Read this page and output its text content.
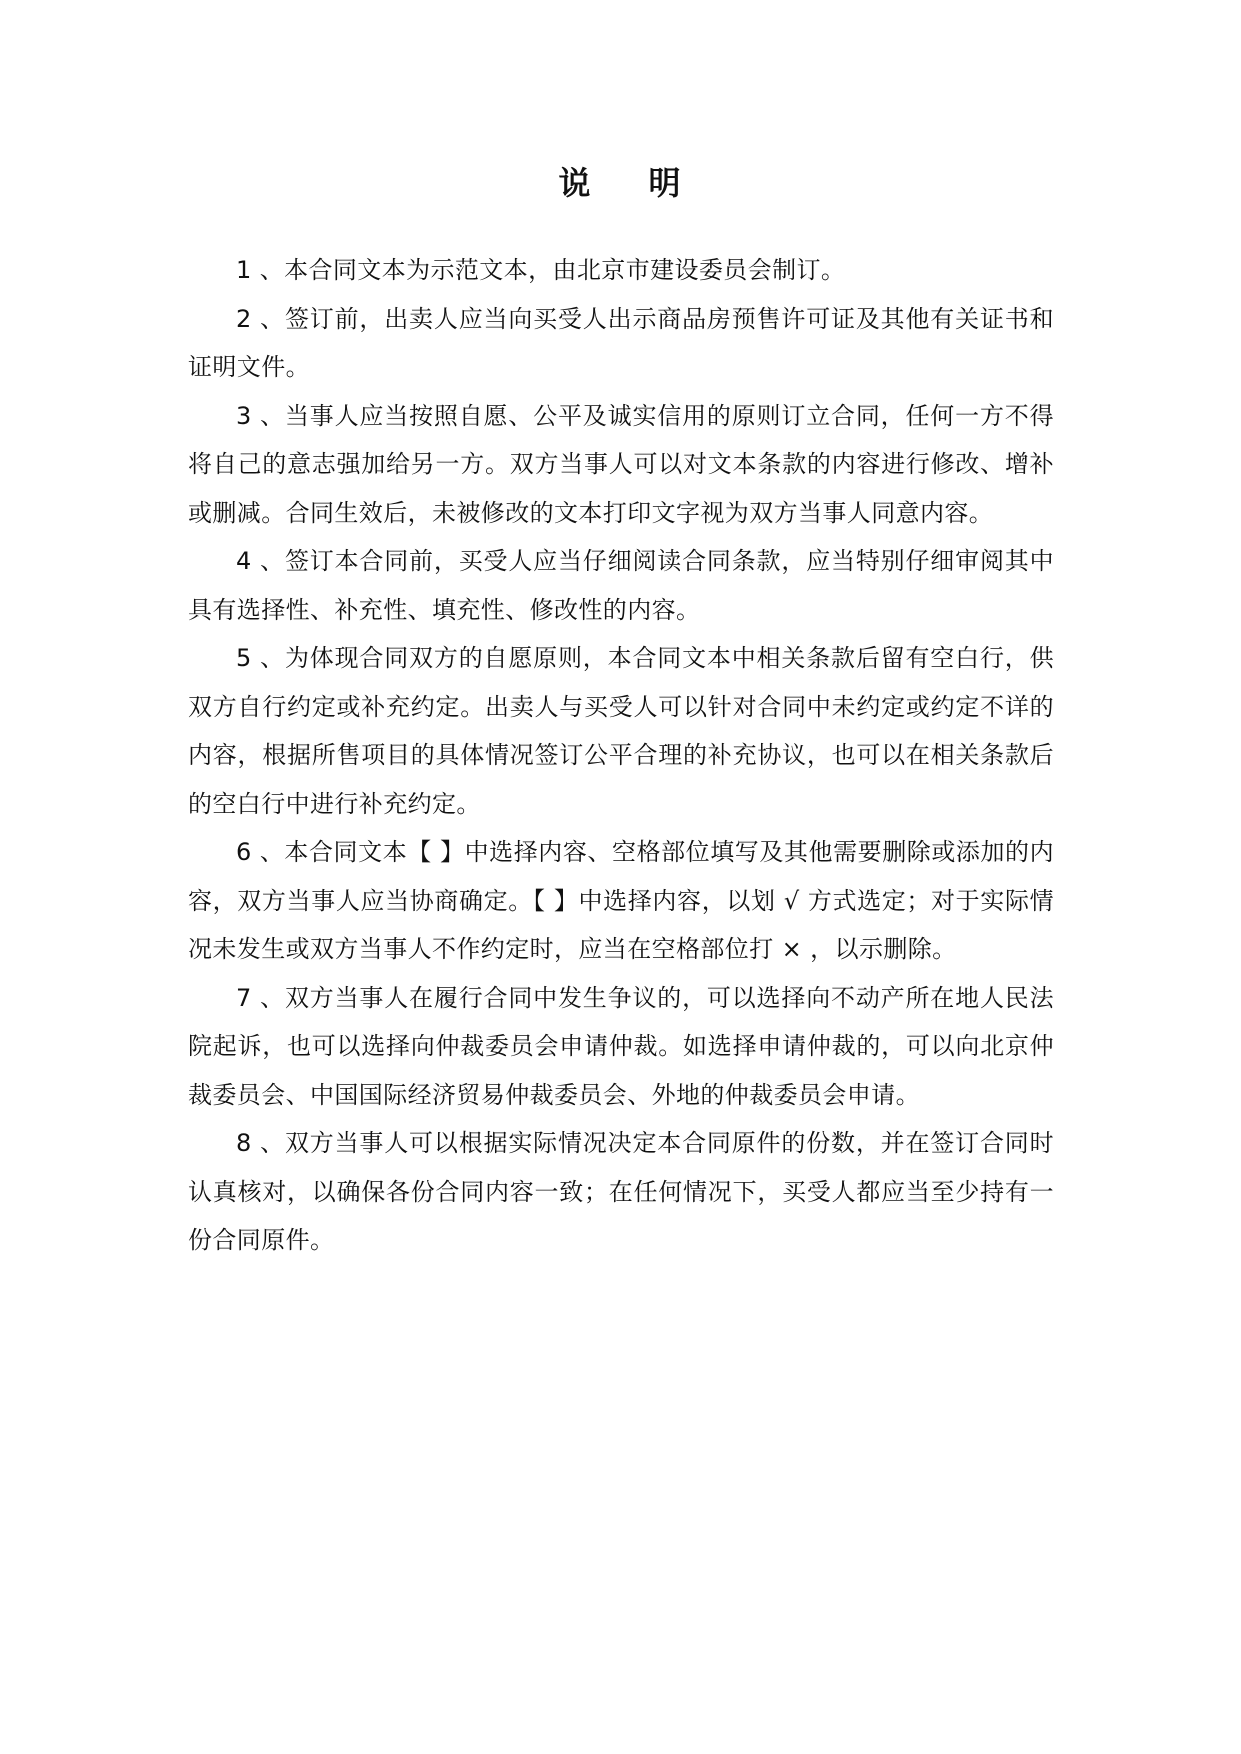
说 明

1 、本合同文本为示范文本，由北京市建设委员会制订。

2 、签订前，出卖人应当向买受人出示商品房预售许可证及其他有关证书和证明文件。

3 、当事人应当按照自愿、公平及诚实信用的原则订立合同，任何一方不得将自己的意志强加给另一方。双方当事人可以对文本条款的内容进行修改、增补或删减。合同生效后，未被修改的文本打印文字视为双方当事人同意内容。

4 、签订本合同前，买受人应当仔细阅读合同条款，应当特别仔细审阅其中具有选择性、补充性、填充性、修改性的内容。

5 、为体现合同双方的自愿原则，本合同文本中相关条款后留有空白行，供双方自行约定或补充约定。出卖人与买受人可以针对合同中未约定或约定不详的内容，根据所售项目的具体情况签订公平合理的补充协议，也可以在相关条款后的空白行中进行补充约定。

6 、本合同文本【 】中选择内容、空格部位填写及其他需要删除或添加的内容，双方当事人应当协商确定。【 】中选择内容，以划 √ 方式选定；对于实际情况未发生或双方当事人不作约定时，应当在空格部位打 × ，以示删除。

7 、双方当事人在履行合同中发生争议的，可以选择向不动产所在地人民法院起诉，也可以选择向仲裁委员会申请仲裁。如选择申请仲裁的，可以向北京仲裁委员会、中国国际经济贸易仲裁委员会、外地的仲裁委员会申请。

8 、双方当事人可以根据实际情况决定本合同原件的份数，并在签订合同时认真核对，以确保各份合同内容一致；在任何情况下，买受人都应当至少持有一份合同原件。
